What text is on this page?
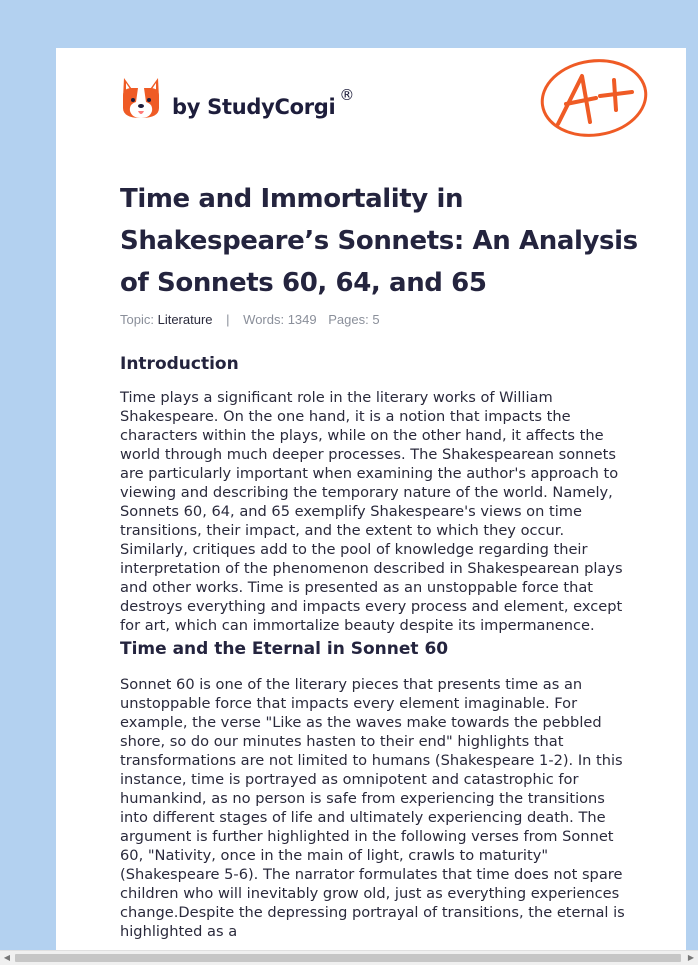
by StudyCorgi ®
Time and Immortality in Shakespeare’s Sonnets: An Analysis of Sonnets 60, 64, and 65
Topic: Literature | Words: 1349 Pages: 5
Introduction

Time plays a significant role in the literary works of William Shakespeare. On the one hand, it is a notion that impacts the characters within the plays, while on the other hand, it affects the world through much deeper processes. The Shakespearean sonnets are particularly important when examining the author's approach to viewing and describing the temporary nature of the world. Namely, Sonnets 60, 64, and 65 exemplify Shakespeare's views on time transitions, their impact, and the extent to which they occur. Similarly, critiques add to the pool of knowledge regarding their interpretation of the phenomenon described in Shakespearean plays and other works. Time is presented as an unstoppable force that destroys everything and impacts every process and element, except for art, which can immortalize beauty despite its impermanence.

Time and the Eternal in Sonnet 60

Sonnet 60 is one of the literary pieces that presents time as an unstoppable force that impacts every element imaginable. For example, the verse "Like as the waves make towards the pebbled shore, so do our minutes hasten to their end" highlights that transformations are not limited to humans (Shakespeare 1-2). In this instance, time is portrayed as omnipotent and catastrophic for humankind, as no person is safe from experiencing the transitions into different stages of life and ultimately experiencing death. The argument is further highlighted in the following verses from Sonnet 60, "Nativity, once in the main of light, crawls to maturity" (Shakespeare 5-6). The narrator formulates that time does not spare children who will inevitably grow old, just as everything experiences change.Despite the depressing portrayal of transitions, the eternal is highlighted as a

◀	▶
